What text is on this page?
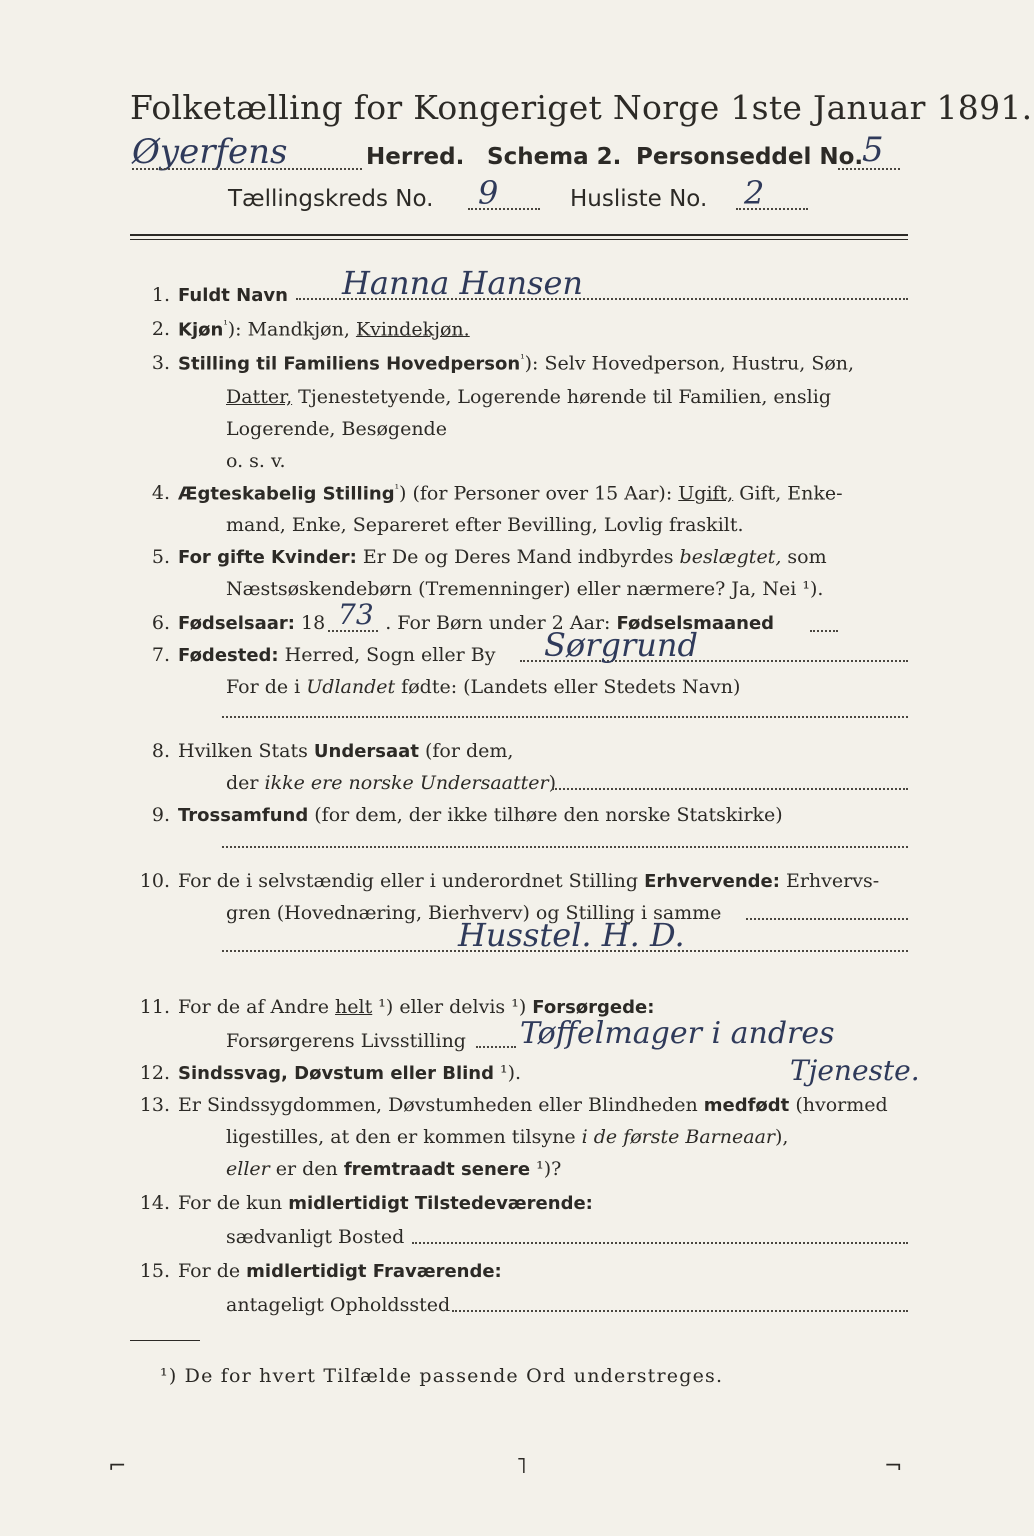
Folketælling for Kongeriget Norge 1ste Januar 1891.
Øyerfens	Herred. Schema 2. Personseddel No.
5
Tællingskreds No. 9	Husliste No. 2
1. Fuldt Navn Hanna Hansen
2. Kjøn$^{^1}$): Mandkjøn, Kvindekjøn.
3. Stilling til Familiens Hovedperson$^{^1}$): Selv Hovedperson, Hustru, Søn,
Datter, Tjenestetyende, Logerende hørende til Familien, enslig
Logerende, Besøgende
o. s. v.
4. Ægteskabelig Stilling$^{^1}$) (for Personer over 15 Aar): Ugift, Gift, Enke-
mand, Enke, Separeret efter Bevilling, Lovlig fraskilt.
5. For gifte Kvinder: Er De og Deres Mand indbyrdes beslægtet, som
Næstsøskendebørn (Tremenninger) eller nærmere? Ja, Nei ¹).
6. Fødselsaar: 18	. For Børn under 2 Aar: Fødselsmaaned
73
7. Fødested: Herred, Sogn eller By Sørgrund
For de i Udlandet fødte: (Landets eller Stedets Navn)
8. Hvilken Stats Undersaat (for dem,
der ikke ere norske Undersaatter)
9. Trossamfund (for dem, der ikke tilhøre den norske Statskirke)
10. For de i selvstændig eller i underordnet Stilling Erhvervende: Erhvervs-
gren (Hovednæring, Bierhverv) og Stilling i samme
Husstel. H. D.
11. For de af Andre helt ¹) eller delvis ¹) Forsørgede:
Forsørgerens Livsstilling Tøffelmager i andres
Tjeneste.
12. Sindssvag, Døvstum eller Blind ¹).
13. Er Sindssygdommen, Døvstumheden eller Blindheden medfødt (hvormed
ligestilles, at den er kommen tilsyne i de første Barneaar),
eller er den fremtraadt senere ¹)?
14. For de kun midlertidigt Tilstedeværende:
sædvanligt Bosted
15. For de midlertidigt Fraværende:
antageligt Opholdssted
¹) De for hvert Tilfælde passende Ord understreges.
⌐	˥	¬
